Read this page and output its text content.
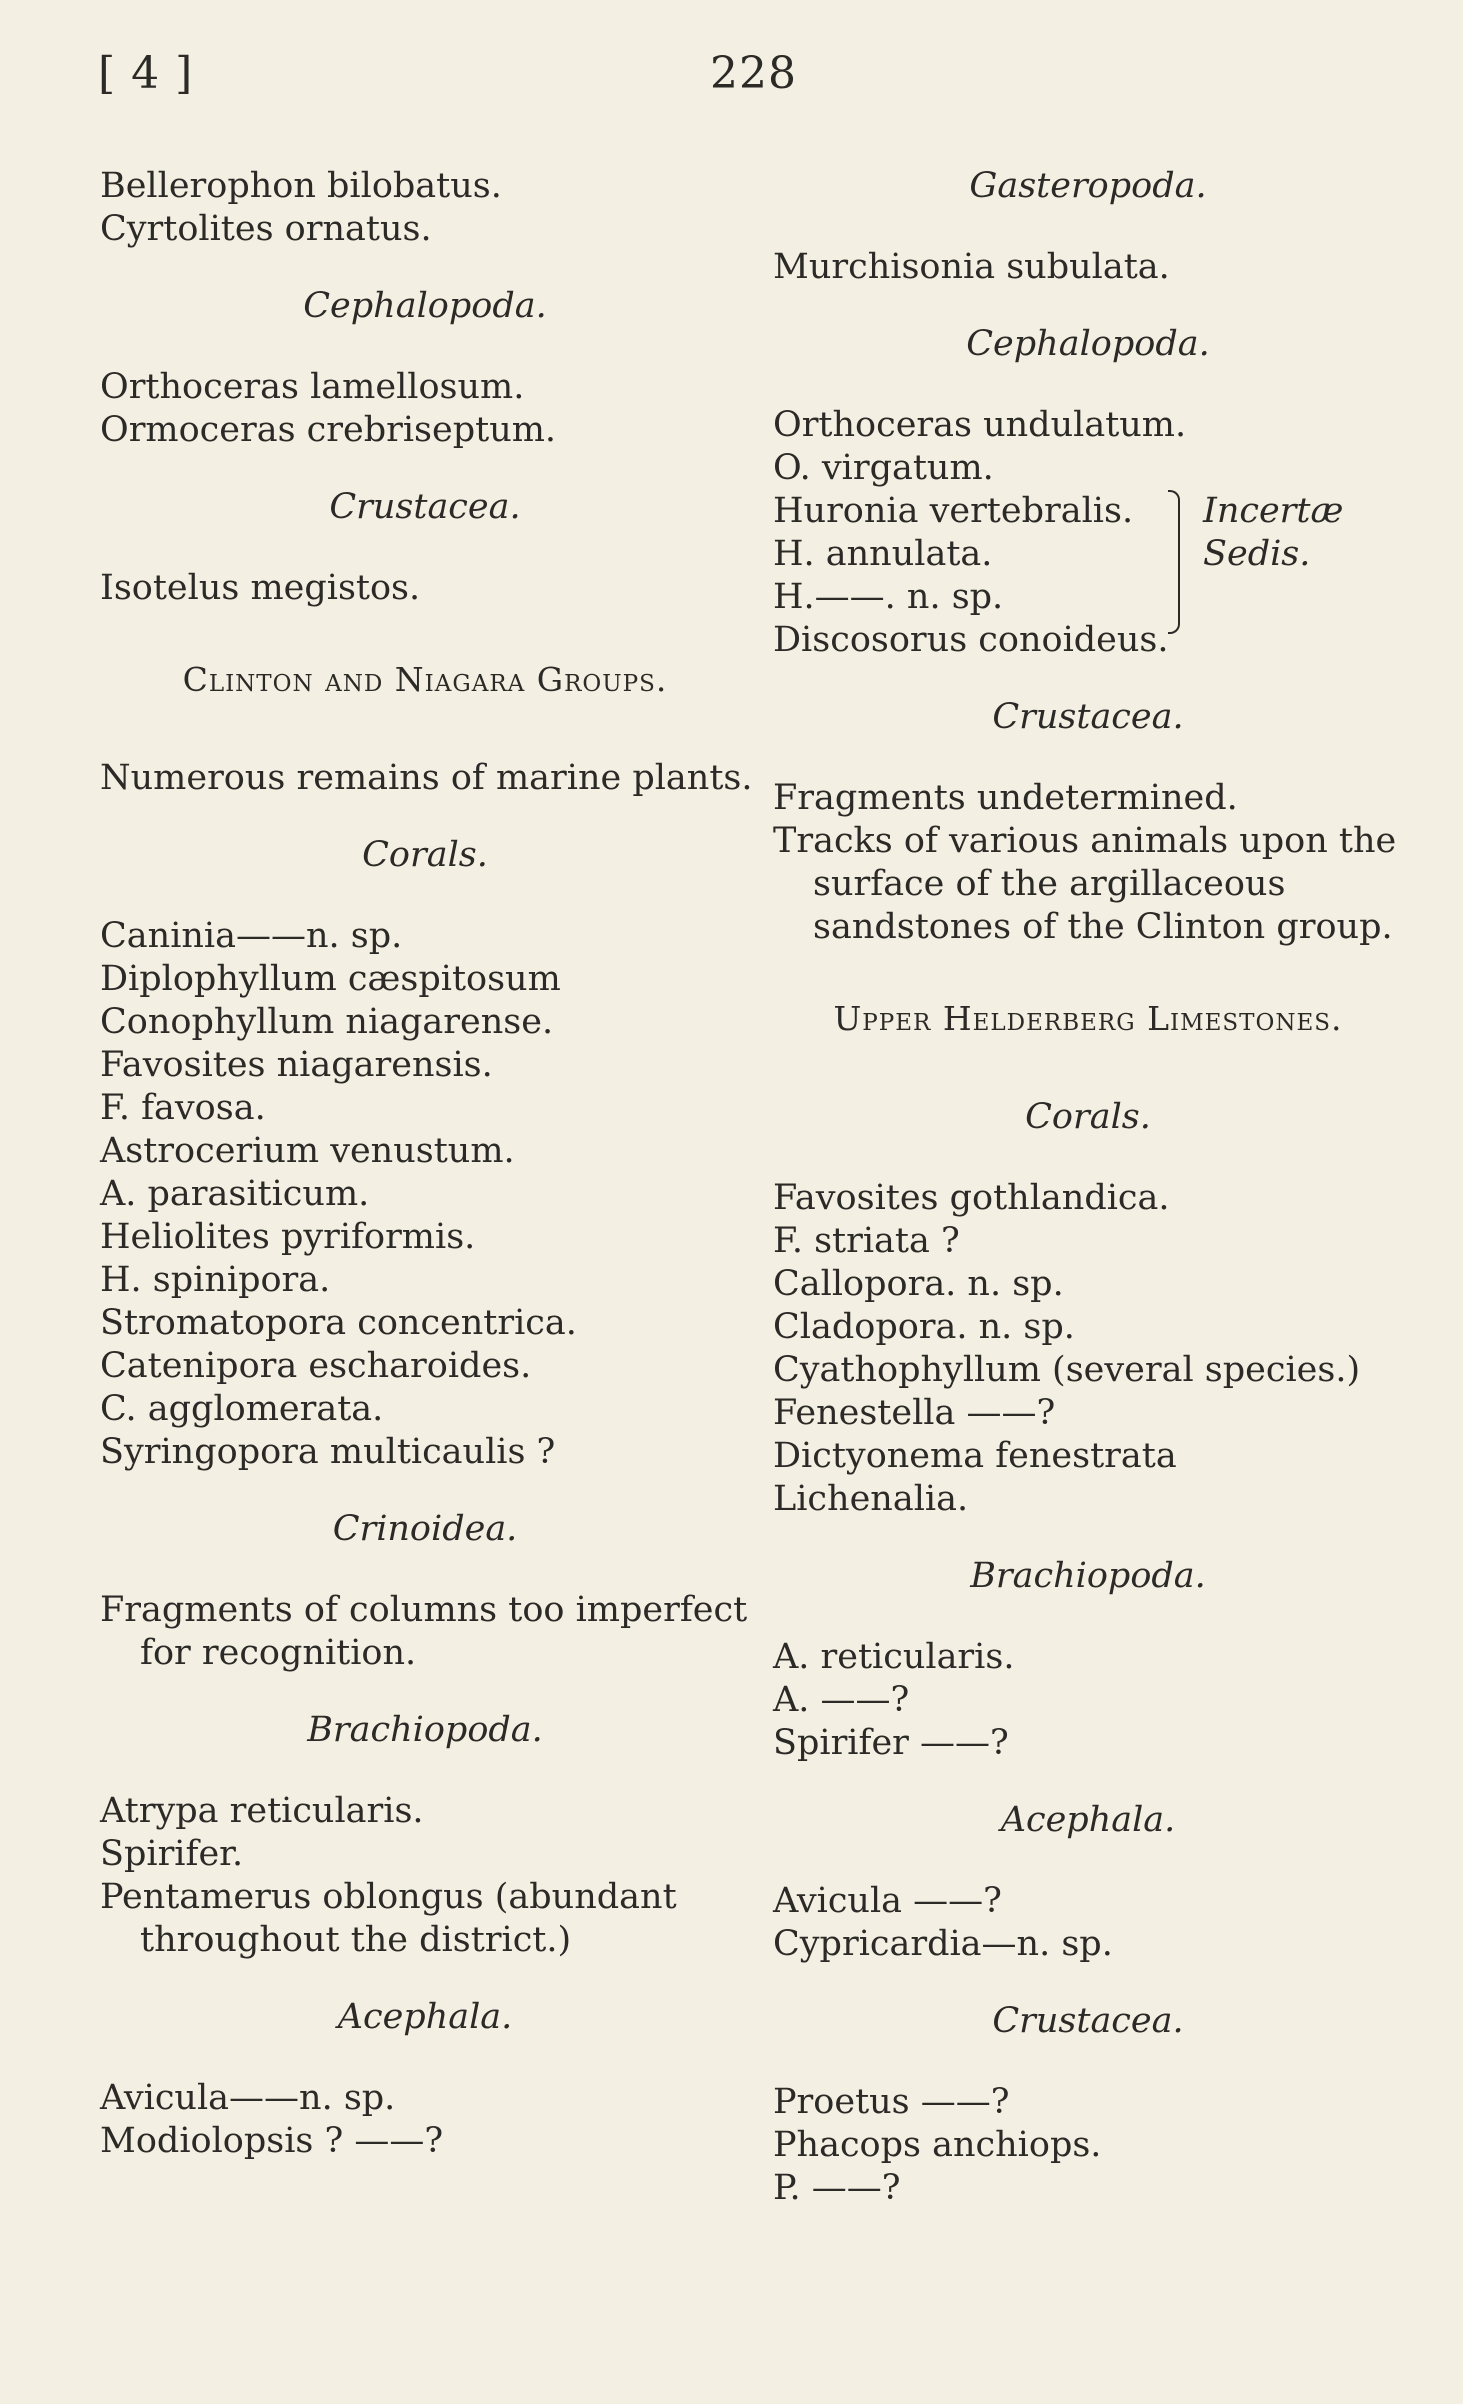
[ 4 ]	228
Bellerophon bilobatus.
Cyrtolites ornatus.
Cephalopoda.
Orthoceras lamellosum.
Ormoceras crebriseptum.
Crustacea.
Isotelus megistos.
Clinton and Niagara Groups.
Numerous remains of marine plants.
Corals.
Caninia——n. sp.
Diplophyllum cæspitosum
Conophyllum niagarense.
Favosites niagarensis.
F. favosa.
Astrocerium venustum.
A. parasiticum.
Heliolites pyriformis.
H. spinipora.
Stromatopora concentrica.
Catenipora escharoides.
C. agglomerata.
Syringopora multicaulis ?
Crinoidea.
Fragments of columns too imperfect for recognition.
Brachiopoda.
Atrypa reticularis.
Spirifer.
Pentamerus oblongus (abundant throughout the district.)
Acephala.
Avicula——n. sp.
Modiolopsis ? ——?
Gasteropoda.
Murchisonia subulata.
Cephalopoda.
Orthoceras undulatum.
O. virgatum.
Huronia vertebralis.
H. annulata.
H.——. n. sp.
Discosorus conoideus.
Incertæ
Sedis.
Crustacea.
Fragments undetermined.
Tracks of various animals upon the surface of the argillaceous sandstones of the Clinton group.
Upper Helderberg Limestones.
Corals.
Favosites gothlandica.
F. striata ?
Callopora. n. sp.
Cladopora. n. sp.
Cyathophyllum (several species.)
Fenestella ——?
Dictyonema fenestrata
Lichenalia.
Brachiopoda.
A. reticularis.
A. ——?
Spirifer ——?
Acephala.
Avicula ——?
Cypricardia—n. sp.
Crustacea.
Proetus ——?
Phacops anchiops.
P. ——?
